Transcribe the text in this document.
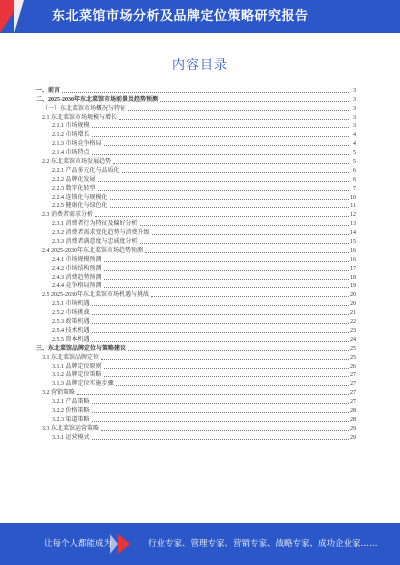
东北菜馆市场分析及品牌定位策略研究报告
内容目录
一、前言	3
二、2025-2030年东北菜馆市场前景及趋势预测	3
（一）东北菜馆市场概况与特征	3
2.1 东北菜馆市场规模与增长	3
2.1.1 市场规模	3
2.1.2 市场增长	4
2.1.3 市场竞争格局	4
2.1.4 市场特点	5
2.2 东北菜馆市场发展趋势	5
2.2.1 产品多元化与品质化	6
2.2.2 品牌化发展	6
2.2.3 数字化转型	7
2.2.4 连锁化与规模化	10
2.2.5 健康化与绿色化	11
2.3 消费者需求分析	12
2.3.1 消费者行为特征及偏好分析	13
2.3.2 消费者需求变化趋势与消费升级	14
2.3.3 消费者满意度与忠诚度分析	15
2.4 2025-2030年东北菜馆市场趋势预测	16
2.4.1 市场规模预测	16
2.4.2 市场结构预测	17
2.4.3 消费趋势预测	18
2.4.4 竞争格局预测	19
2.5 2025-2030年东北菜馆市场机遇与挑战	20
2.5.1 市场机遇	20
2.5.2 市场挑战	21
2.5.3 政策机遇	22
2.5.4 技术机遇	23
2.5.5 资本机遇	24
三、东北菜馆品牌定位与策略建议	25
3.1 东北菜馆品牌定位	25
3.1.1 品牌定位原则	26
3.1.2 品牌定位策略	27
3.1.3 品牌定位实施步骤	27
3.2 营销策略	27
3.2.1 产品策略	27
3.2.2 价格策略	28
3.2.3 渠道策略	28
3.3 东北菜馆运营策略	29
3.3.1 运营模式	29
让每个人都能成为	行业专家、管理专家、营销专家、战略专家、成功企业家……
